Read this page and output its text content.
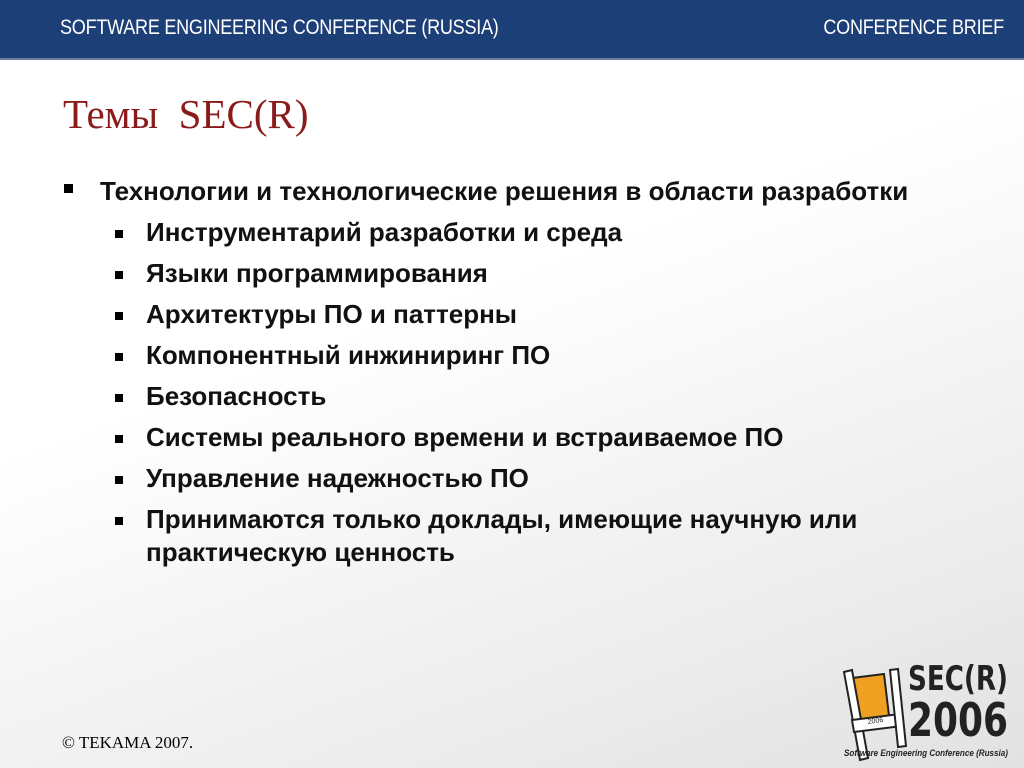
SOFTWARE ENGINEERING CONFERENCE (RUSSIA)	CONFERENCE BRIEF
Темы  SEC(R)
Технологии и технологические решения в области разработки
Инструментарий разработки и среда
Языки программирования
Архитектуры ПО и паттерны
Компонентный инжиниринг ПО
Безопасность
Системы реального времени и встраиваемое ПО
Управление надежностью ПО
Принимаются только доклады, имеющие научную или практическую ценность
© TEKAMA 2007.
2006
SEC(R)
2006
Software Engineering Conference (Russia)
